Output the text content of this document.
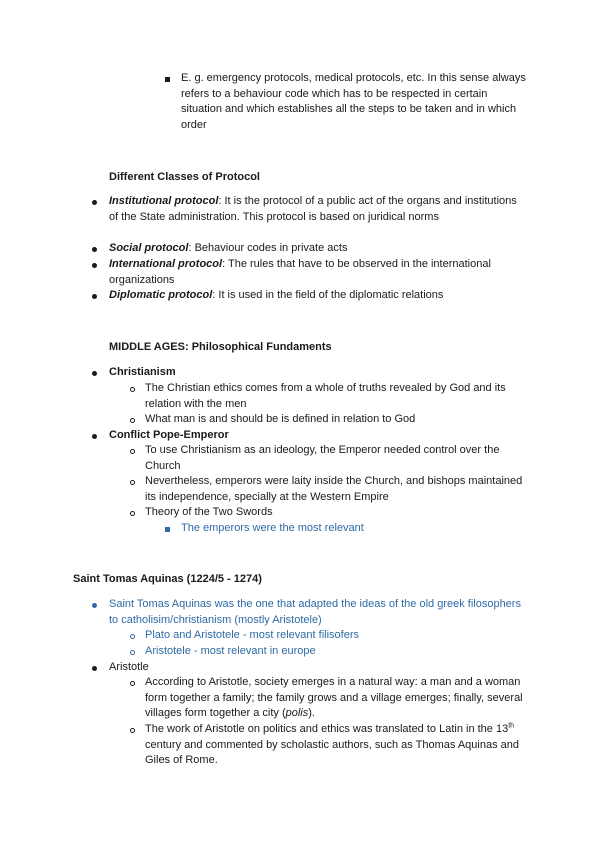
E. g. emergency protocols, medical protocols, etc. In this sense always refers to a behaviour code which has to be respected in certain situation and which establishes all the steps to be taken and in which order
Different Classes of Protocol
Institutional protocol: It is the protocol of a public act of the organs and institutions of the State administration. This protocol is based on juridical norms
Social protocol: Behaviour codes in private acts
International protocol: The rules that have to be observed in the international organizations
Diplomatic protocol: It is used in the field of the diplomatic relations
MIDDLE AGES: Philosophical Fundaments
Christianism
The Christian ethics comes from a whole of truths revealed by God and its relation with the men
What man is and should be is defined in relation to God
Conflict Pope-Emperor
To use Christianism as an ideology, the Emperor needed control over the Church
Nevertheless, emperors were laity inside the Church, and bishops maintained its independence, specially at the Western Empire
Theory of the Two Swords
The emperors were the most relevant
Saint Tomas Aquinas (1224/5 - 1274)
Saint Tomas Aquinas was the one that adapted the ideas of the old greek filosophers to catholisim/christianism (mostly Aristotele)
Plato and Aristotele - most relevant filisofers
Aristotele - most relevant in europe
Aristotle
According to Aristotle, society emerges in a natural way: a man and a woman form together a family; the family grows and a village emerges; finally, several villages form together a city (polis).
The work of Aristotle on politics and ethics was translated to Latin in the 13th century and commented by scholastic authors, such as Thomas Aquinas and Giles of Rome.
